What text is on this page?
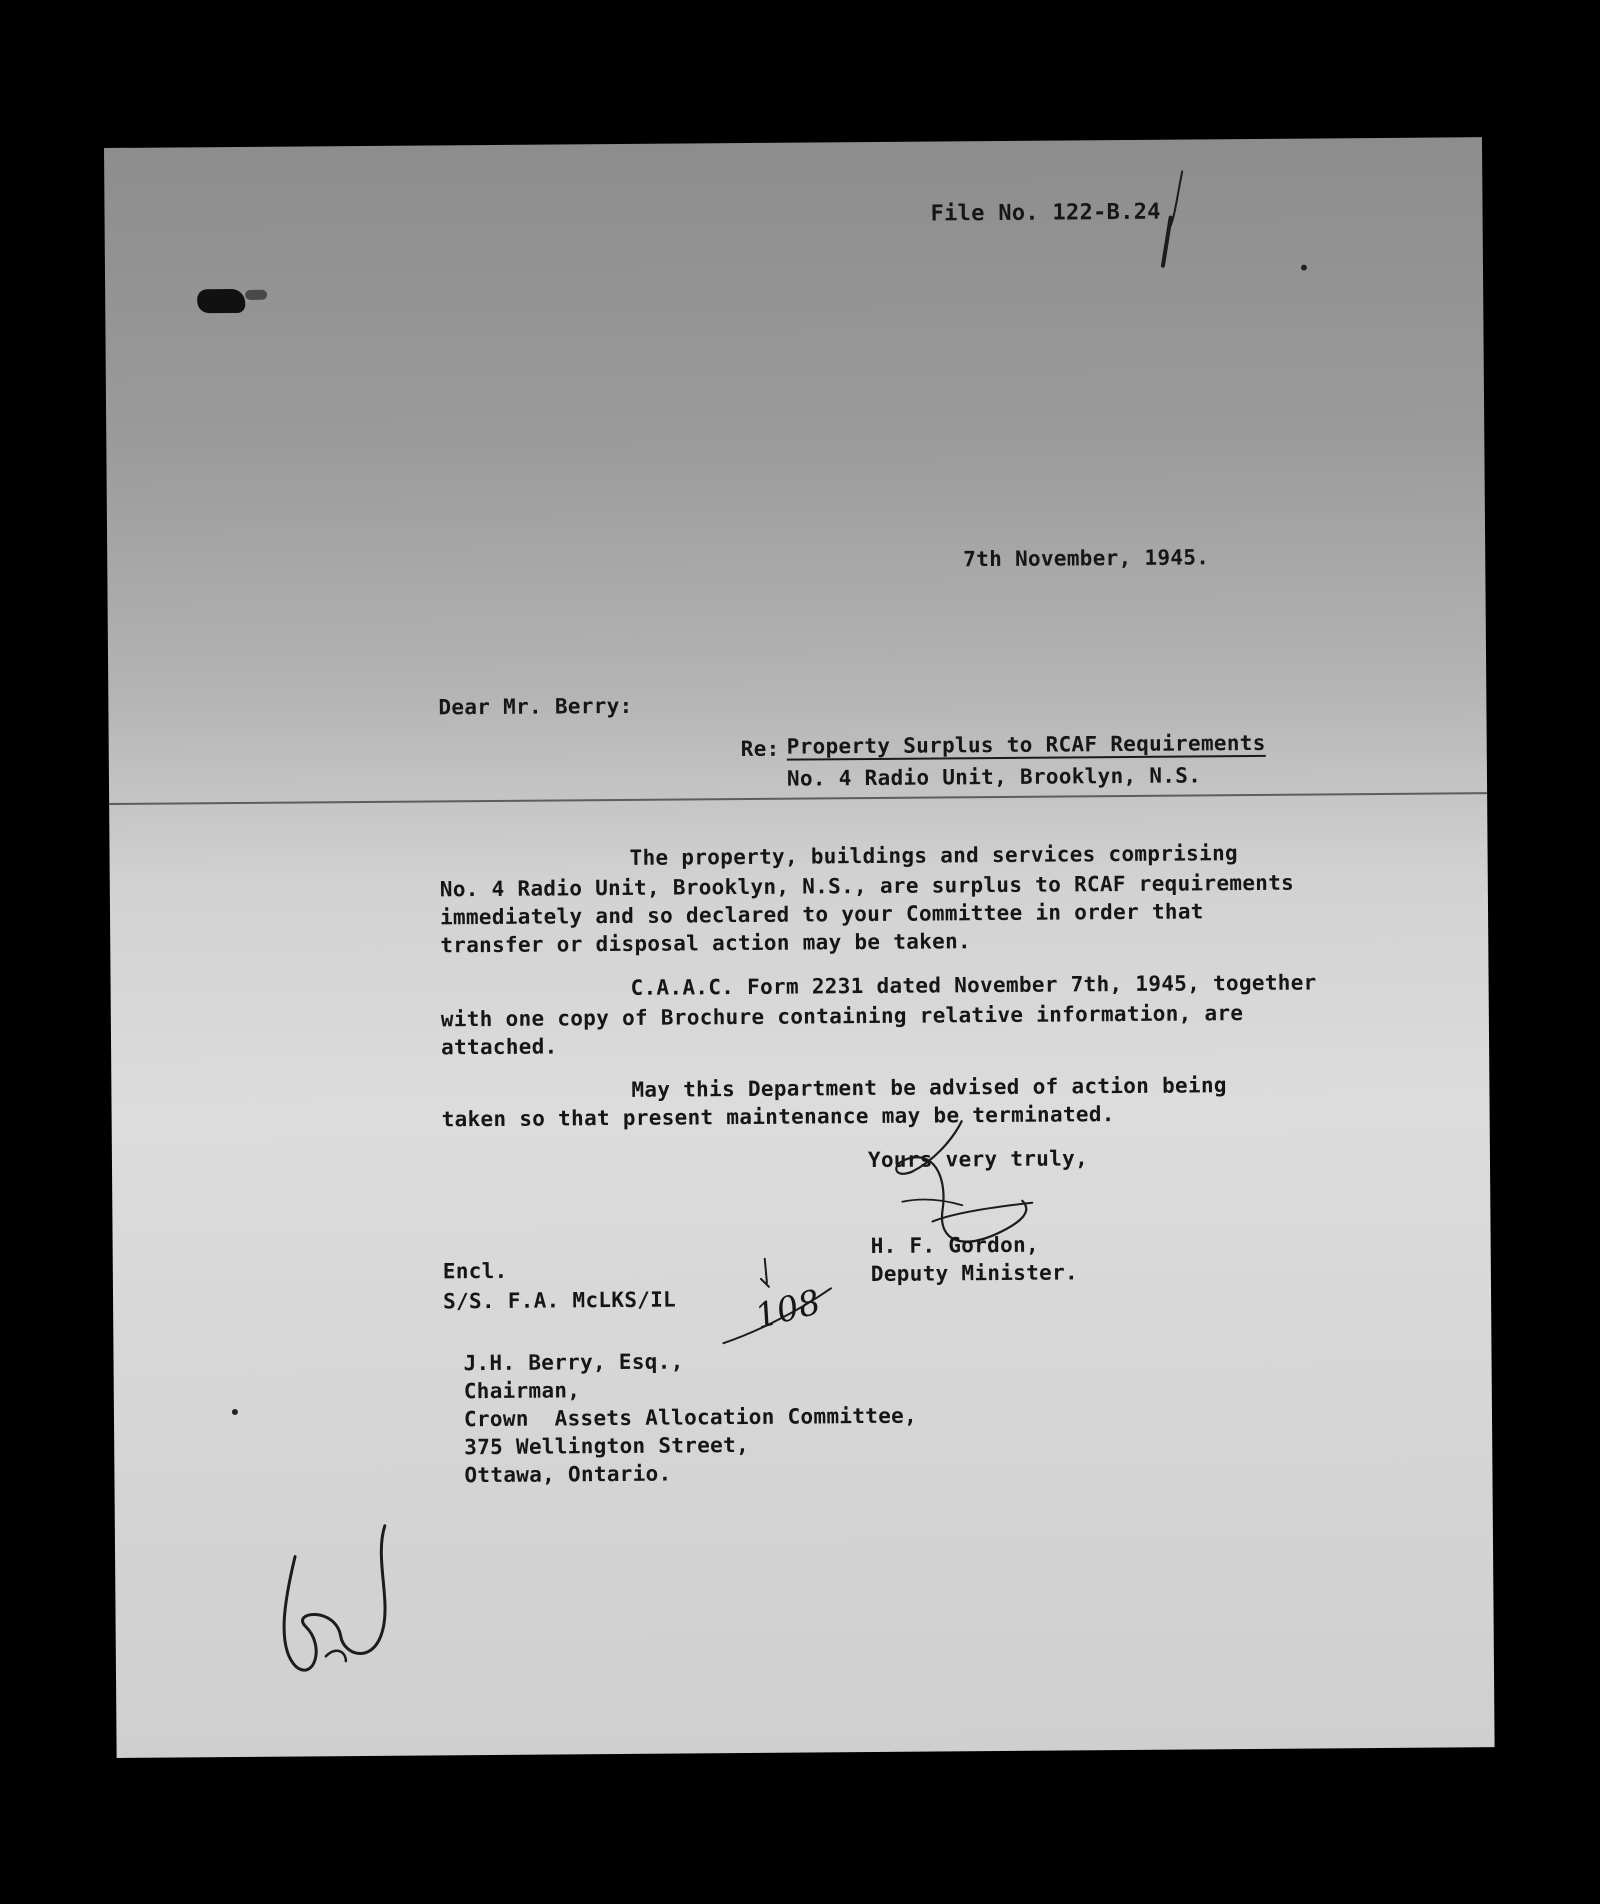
File No. 122-B.24
7th November, 1945.
Dear Mr. Berry:
Re: Property Surplus to RCAF Requirements
No. 4 Radio Unit, Brooklyn, N.S.
The property, buildings and services comprising
No. 4 Radio Unit, Brooklyn, N.S., are surplus to RCAF requirements
immediately and so declared to your Committee in order that
transfer or disposal action may be taken.
C.A.A.C. Form 2231 dated November 7th, 1945, together
with one copy of Brochure containing relative information, are
attached.
May this Department be advised of action being
taken so that present maintenance may be terminated.
Yours very truly,
H. F. Gordon,
Deputy Minister.
Encl.
S/S. F.A. McLKS/IL 108
J.H. Berry, Esq.,
Chairman,
Crown  Assets Allocation Committee,
375 Wellington Street,
Ottawa, Ontario.
